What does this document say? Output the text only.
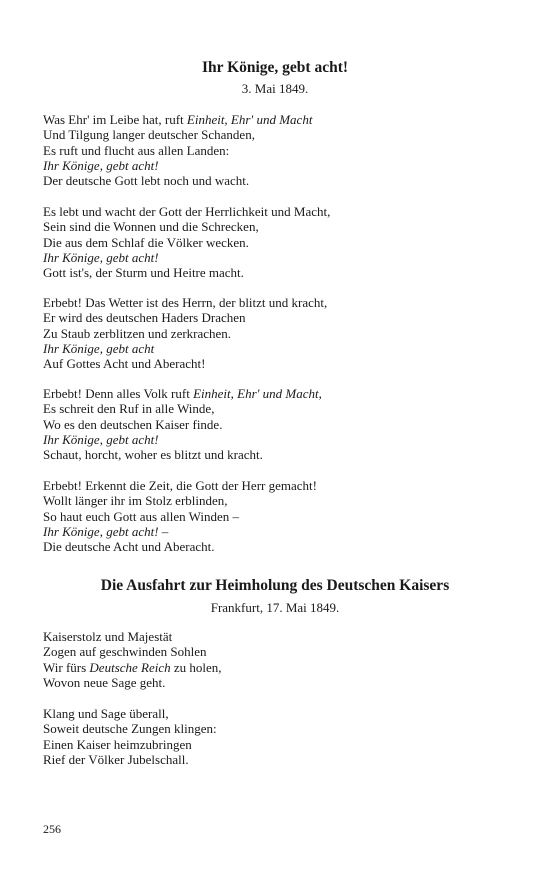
Ihr Könige, gebt acht!

3. Mai 1849.

Was Ehr' im Leibe hat, ruft Einheit, Ehr' und Macht
Und Tilgung langer deutscher Schanden,
Es ruft und flucht aus allen Landen:
Ihr Könige, gebt acht!
Der deutsche Gott lebt noch und wacht.
Es lebt und wacht der Gott der Herrlichkeit und Macht,
Sein sind die Wonnen und die Schrecken,
Die aus dem Schlaf die Völker wecken.
Ihr Könige, gebt acht!
Gott ist's, der Sturm und Heitre macht.
Erbebt! Das Wetter ist des Herrn, der blitzt und kracht,
Er wird des deutschen Haders Drachen
Zu Staub zerblitzen und zerkrachen.
Ihr Könige, gebt acht
Auf Gottes Acht und Aberacht!
Erbebt! Denn alles Volk ruft Einheit, Ehr' und Macht,
Es schreit den Ruf in alle Winde,
Wo es den deutschen Kaiser finde.
Ihr Könige, gebt acht!
Schaut, horcht, woher es blitzt und kracht.
Erbebt! Erkennt die Zeit, die Gott der Herr gemacht!
Wollt länger ihr im Stolz erblinden,
So haut euch Gott aus allen Winden –
Ihr Könige, gebt acht! –
Die deutsche Acht und Aberacht.
Die Ausfahrt zur Heimholung des Deutschen Kaisers

Frankfurt, 17. Mai 1849.

Kaiserstolz und Majestät
Zogen auf geschwinden Sohlen
Wir fürs Deutsche Reich zu holen,
Wovon neue Sage geht.
Klang und Sage überall,
Soweit deutsche Zungen klingen:
Einen Kaiser heimzubringen
Rief der Völker Jubelschall.

256
